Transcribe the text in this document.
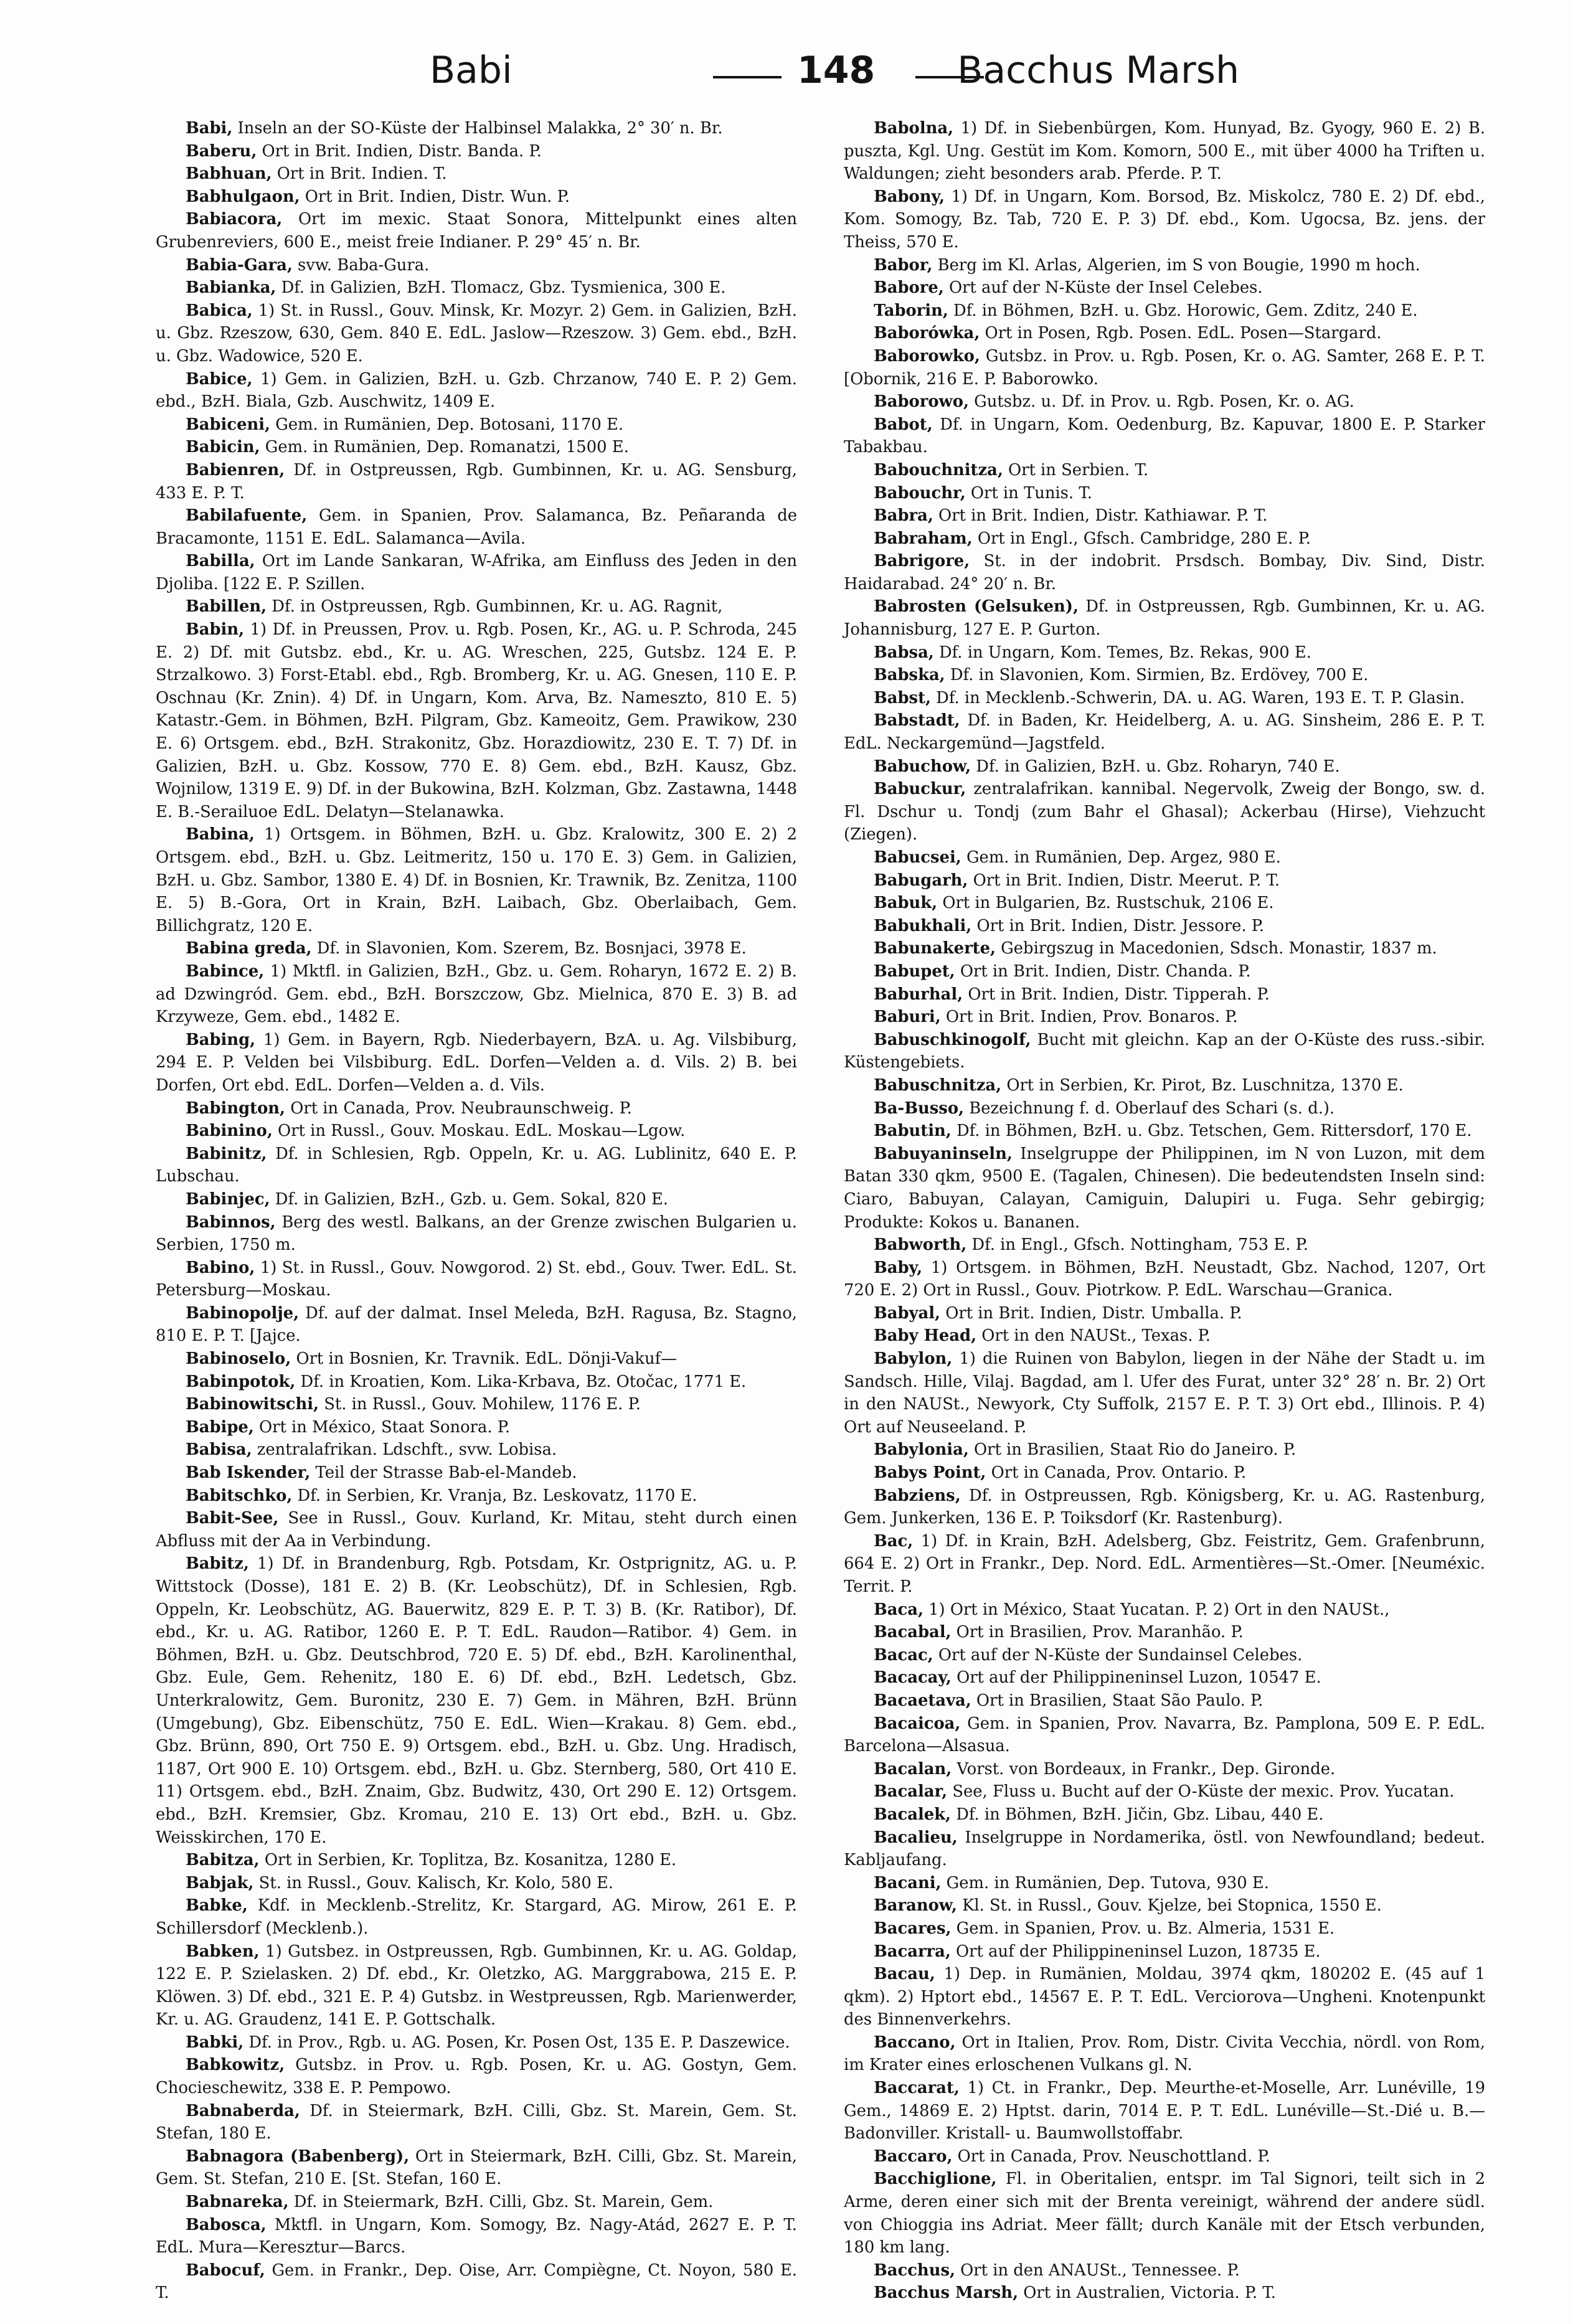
Babi	148 Bacchus Marsh

Babi, Inseln an der SO-Küste der Halbinsel Malakka, 2° 30′ n. Br.

Baberu, Ort in Brit. Indien, Distr. Banda. P.

Babhuan, Ort in Brit. Indien. T.

Babhulgaon, Ort in Brit. Indien, Distr. Wun. P.

Babiacora, Ort im mexic. Staat Sonora, Mittelpunkt eines alten Grubenreviers, 600 E., meist freie Indianer. P. 29° 45′ n. Br.

Babia-Gara, svw. Baba-Gura.

Babianka, Df. in Galizien, BzH. Tlomacz, Gbz. Tysmienica, 300 E.

Babica, 1) St. in Russl., Gouv. Minsk, Kr. Mozyr. 2) Gem. in Galizien, BzH. u. Gbz. Rzeszow, 630, Gem. 840 E. EdL. Jaslow—Rzeszow. 3) Gem. ebd., BzH. u. Gbz. Wadowice, 520 E.

Babice, 1) Gem. in Galizien, BzH. u. Gzb. Chrzanow, 740 E. P. 2) Gem. ebd., BzH. Biala, Gzb. Auschwitz, 1409 E.

Babiceni, Gem. in Rumänien, Dep. Botosani, 1170 E.

Babicin, Gem. in Rumänien, Dep. Romanatzi, 1500 E.

Babienren, Df. in Ostpreussen, Rgb. Gumbinnen, Kr. u. AG. Sensburg, 433 E. P. T.

Babilafuente, Gem. in Spanien, Prov. Salamanca, Bz. Peñaranda de Bracamonte, 1151 E. EdL. Salamanca—Avila.

Babilla, Ort im Lande Sankaran, W-Afrika, am Einfluss des Jeden in den Djoliba. [122 E. P. Szillen.

Babillen, Df. in Ostpreussen, Rgb. Gumbinnen, Kr. u. AG. Ragnit,

Babin, 1) Df. in Preussen, Prov. u. Rgb. Posen, Kr., AG. u. P. Schroda, 245 E. 2) Df. mit Gutsbz. ebd., Kr. u. AG. Wreschen, 225, Gutsbz. 124 E. P. Strzalkowo. 3) Forst-Etabl. ebd., Rgb. Bromberg, Kr. u. AG. Gnesen, 110 E. P. Oschnau (Kr. Znin). 4) Df. in Ungarn, Kom. Arva, Bz. Nameszto, 810 E. 5) Katastr.-Gem. in Böhmen, BzH. Pilgram, Gbz. Kameoitz, Gem. Prawikow, 230 E. 6) Ortsgem. ebd., BzH. Strakonitz, Gbz. Horazdiowitz, 230 E. T. 7) Df. in Galizien, BzH. u. Gbz. Kossow, 770 E. 8) Gem. ebd., BzH. Kausz, Gbz. Wojnilow, 1319 E. 9) Df. in der Bukowina, BzH. Kolzman, Gbz. Zastawna, 1448 E. B.-Serailuoe EdL. Delatyn—Stelanawka.

Babina, 1) Ortsgem. in Böhmen, BzH. u. Gbz. Kralowitz, 300 E. 2) 2 Ortsgem. ebd., BzH. u. Gbz. Leitmeritz, 150 u. 170 E. 3) Gem. in Galizien, BzH. u. Gbz. Sambor, 1380 E. 4) Df. in Bosnien, Kr. Trawnik, Bz. Zenitza, 1100 E. 5) B.-Gora, Ort in Krain, BzH. Laibach, Gbz. Oberlaibach, Gem. Billichgratz, 120 E.

Babina greda, Df. in Slavonien, Kom. Szerem, Bz. Bosnjaci, 3978 E.

Babince, 1) Mktfl. in Galizien, BzH., Gbz. u. Gem. Roharyn, 1672 E. 2) B. ad Dzwingród. Gem. ebd., BzH. Borszczow, Gbz. Mielnica, 870 E. 3) B. ad Krzyweze, Gem. ebd., 1482 E.

Babing, 1) Gem. in Bayern, Rgb. Niederbayern, BzA. u. Ag. Vilsbiburg, 294 E. P. Velden bei Vilsbiburg. EdL. Dorfen—Velden a. d. Vils. 2) B. bei Dorfen, Ort ebd. EdL. Dorfen—Velden a. d. Vils.

Babington, Ort in Canada, Prov. Neubraunschweig. P.

Babinino, Ort in Russl., Gouv. Moskau. EdL. Moskau—Lgow.

Babinitz, Df. in Schlesien, Rgb. Oppeln, Kr. u. AG. Lublinitz, 640 E. P. Lubschau.

Babinjec, Df. in Galizien, BzH., Gzb. u. Gem. Sokal, 820 E.

Babinnos, Berg des westl. Balkans, an der Grenze zwischen Bulgarien u. Serbien, 1750 m.

Babino, 1) St. in Russl., Gouv. Nowgorod. 2) St. ebd., Gouv. Twer. EdL. St. Petersburg—Moskau.

Babinopolje, Df. auf der dalmat. Insel Meleda, BzH. Ragusa, Bz. Stagno, 810 E. P. T. [Jajce.

Babinoselo, Ort in Bosnien, Kr. Travnik. EdL. Dönji-Vakuf—

Babinpotok, Df. in Kroatien, Kom. Lika-Krbava, Bz. Otočac, 1771 E.

Babinowitschi, St. in Russl., Gouv. Mohilew, 1176 E. P.

Babipe, Ort in México, Staat Sonora. P.

Babisa, zentralafrikan. Ldschft., svw. Lobisa.

Bab Iskender, Teil der Strasse Bab-el-Mandeb.

Babitschko, Df. in Serbien, Kr. Vranja, Bz. Leskovatz, 1170 E.

Babit-See, See in Russl., Gouv. Kurland, Kr. Mitau, steht durch einen Abfluss mit der Aa in Verbindung.

Babitz, 1) Df. in Brandenburg, Rgb. Potsdam, Kr. Ostprignitz, AG. u. P. Wittstock (Dosse), 181 E. 2) B. (Kr. Leobschütz), Df. in Schlesien, Rgb. Oppeln, Kr. Leobschütz, AG. Bauerwitz, 829 E. P. T. 3) B. (Kr. Ratibor), Df. ebd., Kr. u. AG. Ratibor, 1260 E. P. T. EdL. Raudon—Ratibor. 4) Gem. in Böhmen, BzH. u. Gbz. Deutschbrod, 720 E. 5) Df. ebd., BzH. Karolinenthal, Gbz. Eule, Gem. Rehenitz, 180 E. 6) Df. ebd., BzH. Ledetsch, Gbz. Unterkralowitz, Gem. Buronitz, 230 E. 7) Gem. in Mähren, BzH. Brünn (Umgebung), Gbz. Eibenschütz, 750 E. EdL. Wien—Krakau. 8) Gem. ebd., Gbz. Brünn, 890, Ort 750 E. 9) Ortsgem. ebd., BzH. u. Gbz. Ung. Hradisch, 1187, Ort 900 E. 10) Ortsgem. ebd., BzH. u. Gbz. Sternberg, 580, Ort 410 E. 11) Ortsgem. ebd., BzH. Znaim, Gbz. Budwitz, 430, Ort 290 E. 12) Ortsgem. ebd., BzH. Kremsier, Gbz. Kromau, 210 E. 13) Ort ebd., BzH. u. Gbz. Weisskirchen, 170 E.

Babitza, Ort in Serbien, Kr. Toplitza, Bz. Kosanitza, 1280 E.

Babjak, St. in Russl., Gouv. Kalisch, Kr. Kolo, 580 E.

Babke, Kdf. in Mecklenb.-Strelitz, Kr. Stargard, AG. Mirow, 261 E. P. Schillersdorf (Mecklenb.).

Babken, 1) Gutsbez. in Ostpreussen, Rgb. Gumbinnen, Kr. u. AG. Goldap, 122 E. P. Szielasken. 2) Df. ebd., Kr. Oletzko, AG. Marggrabowa, 215 E. P. Klöwen. 3) Df. ebd., 321 E. P. 4) Gutsbz. in Westpreussen, Rgb. Marienwerder, Kr. u. AG. Graudenz, 141 E. P. Gottschalk.

Babki, Df. in Prov., Rgb. u. AG. Posen, Kr. Posen Ost, 135 E. P. Daszewice.

Babkowitz, Gutsbz. in Prov. u. Rgb. Posen, Kr. u. AG. Gostyn, Gem. Chocieschewitz, 338 E. P. Pempowo.

Babnaberda, Df. in Steiermark, BzH. Cilli, Gbz. St. Marein, Gem. St. Stefan, 180 E.

Babnagora (Babenberg), Ort in Steiermark, BzH. Cilli, Gbz. St. Marein, Gem. St. Stefan, 210 E. [St. Stefan, 160 E.

Babnareka, Df. in Steiermark, BzH. Cilli, Gbz. St. Marein, Gem.

Babosca, Mktfl. in Ungarn, Kom. Somogy, Bz. Nagy-Atád, 2627 E. P. T. EdL. Mura—Keresztur—Barcs.

Babocuf, Gem. in Frankr., Dep. Oise, Arr. Compiègne, Ct. Noyon, 580 E. T.

Babolna, 1) Df. in Siebenbürgen, Kom. Hunyad, Bz. Gyogy, 960 E. 2) B. puszta, Kgl. Ung. Gestüt im Kom. Komorn, 500 E., mit über 4000 ha Triften u. Waldungen; zieht besonders arab. Pferde. P. T.

Babony, 1) Df. in Ungarn, Kom. Borsod, Bz. Miskolcz, 780 E. 2) Df. ebd., Kom. Somogy, Bz. Tab, 720 E. P. 3) Df. ebd., Kom. Ugocsa, Bz. jens. der Theiss, 570 E.

Babor, Berg im Kl. Arlas, Algerien, im S von Bougie, 1990 m hoch.

Babore, Ort auf der N-Küste der Insel Celebes.

Taborin, Df. in Böhmen, BzH. u. Gbz. Horowic, Gem. Zditz, 240 E.

Baborówka, Ort in Posen, Rgb. Posen. EdL. Posen—Stargard.

Baborowko, Gutsbz. in Prov. u. Rgb. Posen, Kr. o. AG. Samter, 268 E. P. T. [Obornik, 216 E. P. Baborowko.

Baborowo, Gutsbz. u. Df. in Prov. u. Rgb. Posen, Kr. o. AG.

Babot, Df. in Ungarn, Kom. Oedenburg, Bz. Kapuvar, 1800 E. P. Starker Tabakbau.

Babouchnitza, Ort in Serbien. T.

Babouchr, Ort in Tunis. T.

Babra, Ort in Brit. Indien, Distr. Kathiawar. P. T.

Babraham, Ort in Engl., Gfsch. Cambridge, 280 E. P.

Babrigore, St. in der indobrit. Prsdsch. Bombay, Div. Sind, Distr. Haidarabad. 24° 20′ n. Br.

Babrosten (Gelsuken), Df. in Ostpreussen, Rgb. Gumbinnen, Kr. u. AG. Johannisburg, 127 E. P. Gurton.

Babsa, Df. in Ungarn, Kom. Temes, Bz. Rekas, 900 E.

Babska, Df. in Slavonien, Kom. Sirmien, Bz. Erdövey, 700 E.

Babst, Df. in Mecklenb.-Schwerin, DA. u. AG. Waren, 193 E. T. P. Glasin.

Babstadt, Df. in Baden, Kr. Heidelberg, A. u. AG. Sinsheim, 286 E. P. T. EdL. Neckargemünd—Jagstfeld.

Babuchow, Df. in Galizien, BzH. u. Gbz. Roharyn, 740 E.

Babuckur, zentralafrikan. kannibal. Negervolk, Zweig der Bongo, sw. d. Fl. Dschur u. Tondj (zum Bahr el Ghasal); Ackerbau (Hirse), Viehzucht (Ziegen).

Babucsei, Gem. in Rumänien, Dep. Argez, 980 E.

Babugarh, Ort in Brit. Indien, Distr. Meerut. P. T.

Babuk, Ort in Bulgarien, Bz. Rustschuk, 2106 E.

Babukhali, Ort in Brit. Indien, Distr. Jessore. P.

Babunakerte, Gebirgszug in Macedonien, Sdsch. Monastir, 1837 m.

Babupet, Ort in Brit. Indien, Distr. Chanda. P.

Baburhal, Ort in Brit. Indien, Distr. Tipperah. P.

Baburi, Ort in Brit. Indien, Prov. Bonaros. P.

Babuschkinogolf, Bucht mit gleichn. Kap an der O-Küste des russ.-sibir. Küstengebiets.

Babuschnitza, Ort in Serbien, Kr. Pirot, Bz. Luschnitza, 1370 E.

Ba-Busso, Bezeichnung f. d. Oberlauf des Schari (s. d.).

Babutin, Df. in Böhmen, BzH. u. Gbz. Tetschen, Gem. Rittersdorf, 170 E.

Babuyaninseln, Inselgruppe der Philippinen, im N von Luzon, mit dem Batan 330 qkm, 9500 E. (Tagalen, Chinesen). Die bedeutendsten Inseln sind: Ciaro, Babuyan, Calayan, Camiguin, Dalupiri u. Fuga. Sehr gebirgig; Produkte: Kokos u. Bananen.

Babworth, Df. in Engl., Gfsch. Nottingham, 753 E. P.

Baby, 1) Ortsgem. in Böhmen, BzH. Neustadt, Gbz. Nachod, 1207, Ort 720 E. 2) Ort in Russl., Gouv. Piotrkow. P. EdL. Warschau—Granica.

Babyal, Ort in Brit. Indien, Distr. Umballa. P.

Baby Head, Ort in den NAUSt., Texas. P.

Babylon, 1) die Ruinen von Babylon, liegen in der Nähe der Stadt u. im Sandsch. Hille, Vilaj. Bagdad, am l. Ufer des Furat, unter 32° 28′ n. Br. 2) Ort in den NAUSt., Newyork, Cty Suffolk, 2157 E. P. T. 3) Ort ebd., Illinois. P. 4) Ort auf Neuseeland. P.

Babylonia, Ort in Brasilien, Staat Rio do Janeiro. P.

Babys Point, Ort in Canada, Prov. Ontario. P.

Babziens, Df. in Ostpreussen, Rgb. Königsberg, Kr. u. AG. Rastenburg, Gem. Junkerken, 136 E. P. Toiksdorf (Kr. Rastenburg).

Bac, 1) Df. in Krain, BzH. Adelsberg, Gbz. Feistritz, Gem. Grafenbrunn, 664 E. 2) Ort in Frankr., Dep. Nord. EdL. Armentières—St.-Omer. [Neuméxic. Territ. P.

Baca, 1) Ort in México, Staat Yucatan. P. 2) Ort in den NAUSt.,

Bacabal, Ort in Brasilien, Prov. Maranhão. P.

Bacac, Ort auf der N-Küste der Sundainsel Celebes.

Bacacay, Ort auf der Philippineninsel Luzon, 10547 E.

Bacaetava, Ort in Brasilien, Staat São Paulo. P.

Bacaicoa, Gem. in Spanien, Prov. Navarra, Bz. Pamplona, 509 E. P. EdL. Barcelona—Alsasua.

Bacalan, Vorst. von Bordeaux, in Frankr., Dep. Gironde.

Bacalar, See, Fluss u. Bucht auf der O-Küste der mexic. Prov. Yucatan.

Bacalek, Df. in Böhmen, BzH. Jičin, Gbz. Libau, 440 E.

Bacalieu, Inselgruppe in Nordamerika, östl. von Newfoundland; bedeut. Kabljaufang.

Bacani, Gem. in Rumänien, Dep. Tutova, 930 E.

Baranow, Kl. St. in Russl., Gouv. Kjelze, bei Stopnica, 1550 E.

Bacares, Gem. in Spanien, Prov. u. Bz. Almeria, 1531 E.

Bacarra, Ort auf der Philippineninsel Luzon, 18735 E.

Bacau, 1) Dep. in Rumänien, Moldau, 3974 qkm, 180202 E. (45 auf 1 qkm). 2) Hptort ebd., 14567 E. P. T. EdL. Verciorova—Ungheni. Knotenpunkt des Binnenverkehrs.

Baccano, Ort in Italien, Prov. Rom, Distr. Civita Vecchia, nördl. von Rom, im Krater eines erloschenen Vulkans gl. N.

Baccarat, 1) Ct. in Frankr., Dep. Meurthe-et-Moselle, Arr. Lunéville, 19 Gem., 14869 E. 2) Hptst. darin, 7014 E. P. T. EdL. Lunéville—St.-Dié u. B.—Badonviller. Kristall- u. Baumwollstoffabr.

Baccaro, Ort in Canada, Prov. Neuschottland. P.

Bacchiglione, Fl. in Oberitalien, entspr. im Tal Signori, teilt sich in 2 Arme, deren einer sich mit der Brenta vereinigt, während der andere südl. von Chioggia ins Adriat. Meer fällt; durch Kanäle mit der Etsch verbunden, 180 km lang.

Bacchus, Ort in den ANAUSt., Tennessee. P.

Bacchus Marsh, Ort in Australien, Victoria. P. T.
